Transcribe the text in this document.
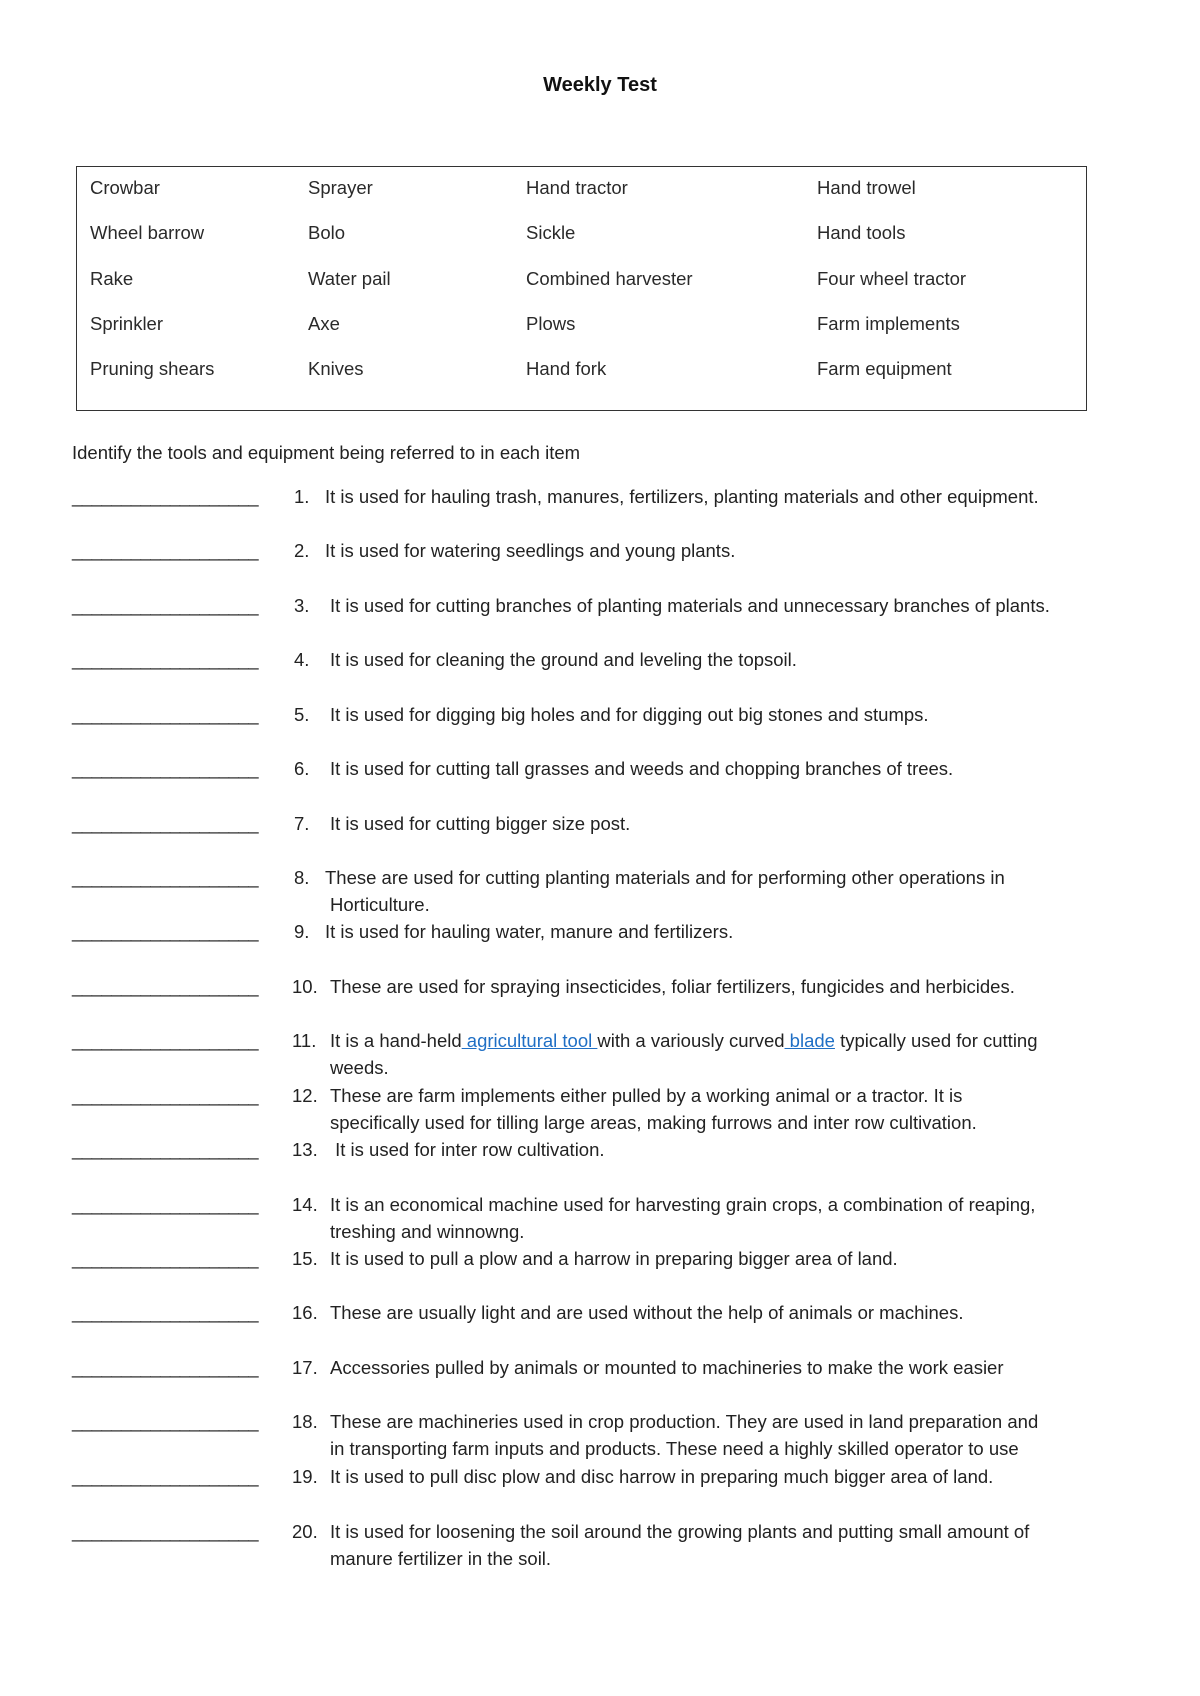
Weekly Test
Crowbar	Sprayer	Hand tractor	Hand trowel
Wheel barrow	Bolo	Sickle	Hand tools
Rake	Water pail	Combined harvester	Four wheel tractor
Sprinkler	Axe	Plows	Farm implements
Pruning shears	Knives	Hand fork	Farm equipment
Identify the tools and equipment being referred to in each item
___________________ 1. It is used for hauling trash, manures, fertilizers, planting materials and other equipment.
___________________ 2. It is used for watering seedlings and young plants.
___________________ 3. It is used for cutting branches of planting materials and unnecessary branches of plants.
___________________ 4. It is used for cleaning the ground and leveling the topsoil.
___________________ 5. It is used for digging big holes and for digging out big stones and stumps.
___________________ 6. It is used for cutting tall grasses and weeds and chopping branches of trees.
___________________ 7. It is used for cutting bigger size post.
___________________ 8. These are used for cutting planting materials and for performing other operations in
Horticulture.
___________________ 9. It is used for hauling water, manure and fertilizers.
___________________ 10. These are used for spraying insecticides, foliar fertilizers, fungicides and herbicides.
___________________ 11. It is a hand-held agricultural tool with a variously curved blade typically used for cutting
weeds.
___________________ 12. These are farm implements either pulled by a working animal or a tractor. It is
specifically used for tilling large areas, making furrows and inter row cultivation.
___________________ 13. It is used for inter row cultivation.
___________________ 14. It is an economical machine used for harvesting grain crops, a combination of reaping,
treshing and winnowng.
___________________ 15. It is used to pull a plow and a harrow in preparing bigger area of land.
___________________ 16. These are usually light and are used without the help of animals or machines.
___________________ 17. Accessories pulled by animals or mounted to machineries to make the work easier
___________________ 18. These are machineries used in crop production. They are used in land preparation and
in transporting farm inputs and products. These need a highly skilled operator to use
___________________ 19. It is used to pull disc plow and disc harrow in preparing much bigger area of land.
___________________ 20. It is used for loosening the soil around the growing plants and putting small amount of
manure fertilizer in the soil.
